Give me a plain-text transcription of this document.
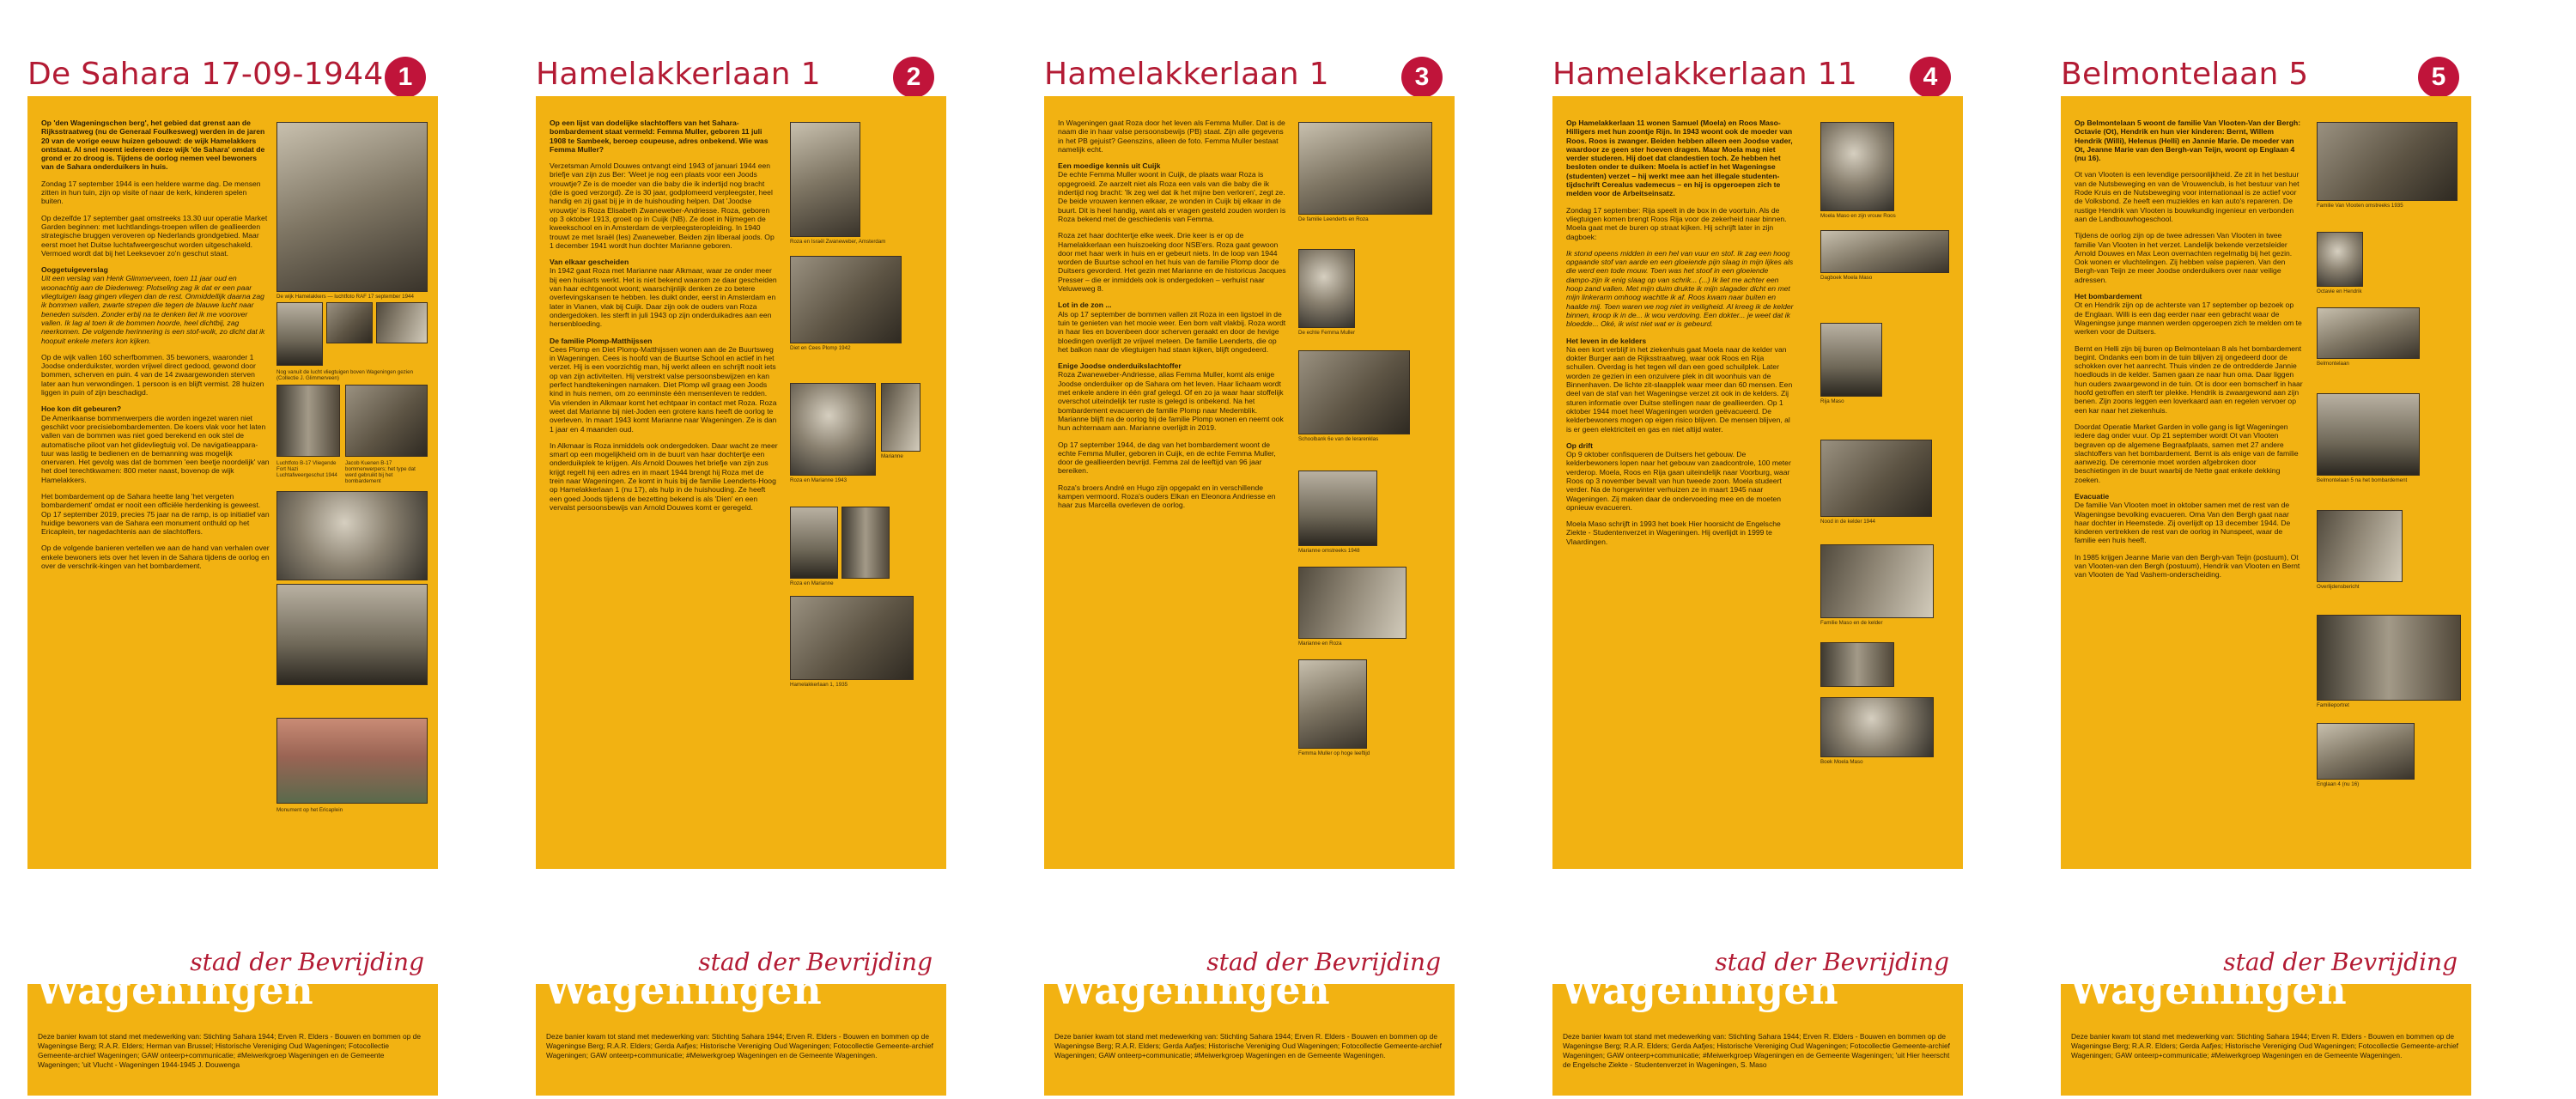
De Sahara 17-09-1944 1

Op 'den Wageningschen berg', het gebied dat grenst aan de Rijksstraatweg (nu de Generaal Foulkesweg) werden in de jaren 20 van de vorige eeuw huizen gebouwd: de wijk Hamelakkers ontstaat. Al snel noemt iedereen deze wijk 'de Sahara' omdat de grond er zo droog is. Tijdens de oorlog nemen veel bewoners van de Sahara onderduikers in huis.

Zondag 17 september 1944 is een heldere warme dag. De mensen zitten in hun tuin, zijn op visite of naar de kerk, kinderen spelen buiten.

Op dezelfde 17 september gaat omstreeks 13.30 uur operatie Market Garden beginnen: met luchtlandings-troepen willen de geallieerden strategische bruggen veroveren op Nederlands grondgebied. Maar eerst moet het Duitse luchtafweergeschut worden uitgeschakeld. Vermoed wordt dat bij het Leeksevoer zo'n geschut staat.

Ooggetuigeverslag

Uit een verslag van Henk Glimmerveen, toen 11 jaar oud en woonachtig aan de Diedenweg: Plotseling zag ik dat er een paar vliegtuigen laag gingen vliegen dan de rest. Onmiddellijk daarna zag ik bommen vallen, zwarte strepen die tegen de blauwe lucht naar beneden suisden. Zonder erbij na te denken liet ik me voorover vallen. Ik lag al toen ik de bommen hoorde, heel dichtbij, zag neerkomen. De volgende herinnering is een stof-wolk, zo dicht dat ik hoopuit enkele meters kon kijken.

Op de wijk vallen 160 scherfbommen. 35 bewoners, waaronder 1 Joodse onderduikster, worden vrijwel direct gedood, gewond door bommen, scherven en puin. 4 van de 14 zwaargewonden sterven later aan hun verwondingen. 1 persoon is en blijft vermist. 28 huizen liggen in puin of zijn beschadigd.

Hoe kon dit gebeuren?

De Amerikaanse bommenwerpers die worden ingezet waren niet geschikt voor precisiebombardementen. De koers vlak voor het laten vallen van de bommen was niet goed berekend en ook stel de automatische piloot van het glidevliegtuig vol. De navigatieappara-tuur was lastig te bedienen en de bemanning was mogelijk onervaren. Het gevolg was dat de bommen 'een beetje noordelijk' van het doel terechtkwamen: 800 meter naast, bovenop de wijk Hamelakkers.

Het bombardement op de Sahara heette lang 'het vergeten bombardement' omdat er nooit een officiële herdenking is geweest. Op 17 september 2019, precies 75 jaar na de ramp, is op initiatief van huidige bewoners van de Sahara een monument onthuld op het Ericaplein, ter nagedachtenis aan de slachtoffers.

Op de volgende banieren vertellen we aan de hand van verhalen over enkele bewoners iets over het leven in de Sahara tijdens de oorlog en over de verschrik-kingen van het bombardement.

De wijk Hamelakkers — luchtfoto RAF 17 september 1944
Nog vanuit de lucht vliegtuigen boven Wageningen gezien (Collectie J. Glimmerveen)
Luchtfoto B-17 Vliegende Fort Nazi Luchtafweergeschut 1944
Jacob Kuenen B-17 bommenwerpers; het type dat werd gebruikt bij het bombardement
Monument op het Ericaplein
stad der Bevrijding
Wageningen
Deze banier kwam tot stand met medewerking van: Stichting Sahara 1944; Erven R. Elders - Bouwen en bommen op de Wageningse Berg; R.A.R. Elders; Herman van Brussel; Historische Vereniging Oud Wageningen; Fotocollectie Gemeente-archief Wageningen; GAW onteerp+communicatie; #Meiwerkgroep Wageningen en de Gemeente Wageningen; 'uit Vlucht - Wageningen 1944-1945 J. Douwenga
Hamelakkerlaan 1	2

Op een lijst van dodelijke slachtoffers van het Sahara-bombardement staat vermeld: Femma Muller, geboren 11 juli 1908 te Sambeek, beroep coupeuse, adres onbekend. Wie was Femma Muller?

Verzetsman Arnold Douwes ontvangt eind 1943 of januari 1944 een briefje van zijn zus Ber: 'Weet je nog een plaats voor een Joods vrouwtje? Ze is de moeder van die baby die ik indertijd nog bracht (die is goed verzorgd). Ze is 30 jaar, godplomeerd verpleegster, heel handig en zij gaat bij je in de huishouding helpen. Dat 'Joodse vrouwtje' is Roza Elisabeth Zwaneweber-Andriesse. Roza, geboren op 3 oktober 1913, groeit op in Cuijk (NB). Ze doet in Nijmegen de kweekschool en in Amsterdam de verpleegsteropleiding. In 1940 trouwt ze met Israël (Ies) Zwaneweber. Beiden zijn liberaal joods. Op 1 december 1941 wordt hun dochter Marianne geboren.

Van elkaar gescheiden

In 1942 gaat Roza met Marianne naar Alkmaar, waar ze onder meer bij een huisarts werkt. Het is niet bekend waarom ze daar gescheiden van haar echtgenoot woont; waarschijnlijk denken ze zo betere overlevingskansen te hebben. Ies duikt onder, eerst in Amsterdam en later in Vianen, vlak bij Cuijk. Daar zijn ook de ouders van Roza ondergedoken. Ies sterft in juli 1943 op zijn onderduikadres aan een hersenbloeding.

De familie Plomp-Matthijssen

Cees Plomp en Diet Plomp-Matthijssen wonen aan de 2e Buurtsweg in Wageningen. Cees is hoofd van de Buurtse School en actief in het verzet. Hij is een voorzichtig man, hij werkt alleen en schrijft nooit iets op van zijn activiteiten. Hij verstrekt valse persoonsbewijzen en kan perfect handtekeningen namaken. Diet Plomp wil graag een Joods kind in huis nemen, om zo eenminste één mensenleven te redden. Via vrienden in Alkmaar komt het echtpaar in contact met Roza. Roza weet dat Marianne bij niet-Joden een grotere kans heeft de oorlog te overleven. In maart 1943 komt Marianne naar Wageningen. Ze is dan 1 jaar en 4 maanden oud.

In Alkmaar is Roza inmiddels ook ondergedoken. Daar wacht ze meer smart op een mogelijkheid om in de buurt van haar dochtertje een onderduikplek te krijgen. Als Arnold Douwes het briefje van zijn zus krijgt regelt hij een adres en in maart 1944 brengt hij Roza met de trein naar Wageningen. Ze komt in huis bij de familie Leenderts-Hoog op Hamelakkerlaan 1 (nu 17), als hulp in de huishouding. Ze heeft een goed Joods tijdens de bezetting bekend is als 'Dien' en een vervalst persoonsbewijs van Arnold Douwes komt er geregeld.

Roza en Israël Zwaneweber, Amsterdam
Diet en Cees Plomp 1942
Roza en Marianne 1943
Marianne
Roza en Marianne
Hamelakkerlaan 1, 1935
stad der Bevrijding
Wageningen
Deze banier kwam tot stand met medewerking van: Stichting Sahara 1944; Erven R. Elders - Bouwen en bommen op de Wageningse Berg; R.A.R. Elders; Gerda Aafjes; Historische Vereniging Oud Wageningen; Fotocollectie Gemeente-archief Wageningen; GAW onteerp+communicatie; #Meiwerkgroep Wageningen en de Gemeente Wageningen.
Hamelakkerlaan 1	3

In Wageningen gaat Roza door het leven als Femma Muller. Dat is de naam die in haar valse persoonsbewijs (PB) staat. Zijn alle gegevens in het PB gejuist? Geenszins, alleen de foto. Femma Muller bestaat namelijk echt.

Een moedige kennis uit Cuijk

De echte Femma Muller woont in Cuijk, de plaats waar Roza is opgegroeid. Ze aarzelt niet als Roza een vals van die baby die ik indertijd nog bracht: 'Ik zeg wel dat ik het mijne ben verloren', zegt ze. De beide vrouwen kennen elkaar, ze wonden in Cuijk bij elkaar in de buurt. Dit is heel handig, want als er vragen gesteld zouden worden is Roza bekend met de geschiedenis van Femma.

Roza zet haar dochtertje elke week. Drie keer is er op de Hamelakkerlaan een huiszoeking door NSB'ers. Roza gaat gewoon door met haar werk in huis en er gebeurt niets. In de loop van 1944 worden de Buurtse school en het huis van de familie Plomp door de Duitsers gevorderd. Het gezin met Marianne en de historicus Jacques Presser – die er inmiddels ook is ondergedoken – verhuist naar Veluweweg 8.

Lot in de zon ...

Als op 17 september de bommen vallen zit Roza in een ligstoel in de tuin te genieten van het mooie weer. Een bom valt vlakbij. Roza wordt in haar lies en bovenbeen door scherven geraakt en door de hevige bloedingen overlijdt ze vrijwel meteen. De familie Leenderts, die op het balkon naar de vliegtuigen had staan kijken, blijft ongedeerd.

Enige Joodse onderduikslachtoffer

Roza Zwaneweber-Andriesse, alias Femma Muller, komt als enige Joodse onderduiker op de Sahara om het leven. Haar lichaam wordt met enkele andere in één graf gelegd. Of en zo ja waar haar stoffelijk overschot uiteindelijk ter ruste is gelegd is onbekend. Na het bombardement evacueren de familie Plomp naar Medemblik. Marianne blijft na de oorlog bij de familie Plomp wonen en neemt ook hun achternaam aan. Marianne overlijdt in 2019.

Op 17 september 1944, de dag van het bombardement woont de echte Femma Muller, geboren in Cuijk, en de echte Femma Muller, door de geallieerden bevrijd. Femma zal de leeftijd van 96 jaar bereiken.

Roza's broers André en Hugo zijn opgepakt en in verschillende kampen vermoord. Roza's ouders Elkan en Eleonora Andriesse en haar zus Marcella overleven de oorlog.

De familie Leenderts en Roza
De echte Femma Muller
Schoolbank 6e van de lerarenklas
Marianne omstreeks 1948
Marianne en Roza
Femma Muller op hoge leeftijd
stad der Bevrijding
Wageningen
Deze banier kwam tot stand met medewerking van: Stichting Sahara 1944; Erven R. Elders - Bouwen en bommen op de Wageningse Berg; R.A.R. Elders; Gerda Aafjes; Historische Vereniging Oud Wageningen; Fotocollectie Gemeente-archief Wageningen; GAW onteerp+communicatie; #Meiwerkgroep Wageningen en de Gemeente Wageningen.
Hamelakkerlaan 11	4

Op Hamelakkerlaan 11 wonen Samuel (Moela) en Roos Maso-Hilligers met hun zoontje Rijn. In 1943 woont ook de moeder van Roos. Roos is zwanger. Beiden hebben alleen een Joodse vader, waardoor ze geen ster hoeven dragen. Maar Moela mag niet verder studeren. Hij doet dat clandestien toch. Ze hebben het besloten onder te duiken: Moela is actief in het Wageningse (studenten) verzet – hij werkt mee aan het illegale studenten-tijdschrift Cerealus vademecus – en hij is opgeroepen zich te melden voor de Arbeitseinsatz.

Zondag 17 september: Rija speelt in de box in de voortuin. Als de vliegtuigen komen brengt Roos Rija voor de zekerheid naar binnen. Moela gaat met de buren op straat kijken. Hij schrijft later in zijn dagboek:

Ik stond opeens midden in een hel van vuur en stof. Ik zag een hoog opgaande stof van aarde en een gloeiende pijn slaag in mijn lijkes als die werd een tode mouw. Toen was het stoof in een gloeiende dampo-zijn ik enig slaag op van schrik... (...) Ik liet me achter een hoop zand vallen. Met mijn duim drukte ik mijn slagader dicht en met mijn linkerarm omhoog wachtte ik af. Roos kwam naar buiten en haalde mij. Toen waren we nog niet in veiligheid. Al kreeg ik de kelder binnen, kroop ik in de... ik wou verdoving. Een dokter... je weet dat ik bloedde... Oké, ik wist niet wat er is gebeurd.

Het leven in de kelders

Na een kort verblijf in het ziekenhuis gaat Moela naar de kelder van dokter Burger aan de Rijksstraatweg, waar ook Roos en Rija schuilen. Overdag is het tegen wil dan een goed schuilplek. Later worden ze gezien in een onzuivere plek in dit woonhuis van de Binnenhaven. De lichte zit-slaapplek waar meer dan 60 mensen. Een deel van de staf van het Wageningse verzet zit ook in de kelders. Zij sturen informatie over Duitse stellingen naar de geallieerden. Op 1 oktober 1944 moet heel Wageningen worden geëvacueerd. De kelderbewoners mogen op eigen risico blijven. De mensen blijven, al is er geen elektriciteit en gas en niet altijd water.

Op drift

Op 9 oktober confisqueren de Duitsers het gebouw. De kelderbewoners lopen naar het gebouw van zaadcontrole, 100 meter verderop. Moela, Roos en Rija gaan uiteindelijk naar Voorburg, waar Roos op 3 november bevalt van hun tweede zoon. Moela studeert verder. Na de hongerwinter verhuizen ze in maart 1945 naar Wageningen. Zij maken daar de ondervoeding mee en de moeten opnieuw evacueren.

Moela Maso schrijft in 1993 het boek Hier hoorsicht de Engelsche Ziekte - Studentenverzet in Wageningen. Hij overlijdt in 1999 te Vlaardingen.

Moela Maso en zijn vrouw Roos
Dagboek Moela Maso
Rija Maso
Nood in de kelder 1944
Familie Maso en de kelder
Boek Moela Maso
stad der Bevrijding
Wageningen
Deze banier kwam tot stand met medewerking van: Stichting Sahara 1944; Erven R. Elders - Bouwen en bommen op de Wageningse Berg; R.A.R. Elders; Gerda Aafjes; Historische Vereniging Oud Wageningen; Fotocollectie Gemeente-archief Wageningen; GAW onteerp+communicatie; #Meiwerkgroep Wageningen en de Gemeente Wageningen; 'uit Hier heerscht de Engelsche Ziekte - Studentenverzet in Wageningen, S. Maso
Belmontelaan 5	5

Op Belmontelaan 5 woont de familie Van Vlooten-Van der Bergh: Octavie (Ot), Hendrik en hun vier kinderen: Bernt, Willem Hendrik (Willi), Helenus (Helli) en Jannie Marie. De moeder van Ot, Jeanne Marie van den Bergh-van Teijn, woont op Englaan 4 (nu 16).

Ot van Vlooten is een levendige persoonlijkheid. Ze zit in het bestuur van de Nutsbeweging en van de Vrouwenclub, is het bestuur van het Rode Kruis en de Nutsbeweging voor internationaal is ze actief voor de Volksbond. Ze heeft een muziekles en kan auto's repareren. De rustige Hendrik van Vlooten is bouwkundig ingenieur en verbonden aan de Landbouwhogeschool.

Tijdens de oorlog zijn op de twee adressen Van Vlooten in twee familie Van Vlooten in het verzet. Landelijk bekende verzetsleider Arnold Douwes en Max Leon overnachten regelmatig bij het gezin. Ook wonen er vluchtelingen. Zij hebben valse papieren. Van den Bergh-van Teijn ze meer Joodse onderduikers over naar veilige adressen.

Het bombardement

Ot en Hendrik zijn op de achterste van 17 september op bezoek op de Englaan. Willi is een dag eerder naar een gebracht waar de Wageningse junge mannen werden opgeroepen zich te melden om te werken voor de Duitsers.

Bernt en Helli zijn bij buren op Belmontelaan 8 als het bombardement begint. Ondanks een bom in de tuin blijven zij ongedeerd door de schokken over het aanrecht. Thuis vinden ze de ontredderde Jannie hoedlouds in de kelder. Samen gaan ze naar hun oma. Daar liggen hun ouders zwaargewond in de tuin. Ot is door een bomscherf in haar hoofd getroffen en sterft ter plekke. Hendrik is zwaargewond aan zijn benen. Zijn zoons leggen een loverkaard aan en regelen vervoer op een kar naar het ziekenhuis.

Doordat Operatie Market Garden in volle gang is ligt Wageningen iedere dag onder vuur. Op 21 september wordt Ot van Vlooten begraven op de algemene Begraafplaats, samen met 27 andere slachtoffers van het bombardement. Bernt is als enige van de familie aanwezig. De ceremonie moet worden afgebroken door beschietingen in de buurt waarbij de Nette gaat enkele dekking zoeken.

Evacuatie

De familie Van Vlooten moet in oktober samen met de rest van de Wageningse bevolking evacueren. Oma Van den Bergh gaat naar haar dochter in Heemstede. Zij overlijdt op 13 december 1944. De kinderen vertrekken de rest van de oorlog in Nunspeet, waar de familie een huis heeft.

In 1985 krijgen Jeanne Marie van den Bergh-van Teijn (postuum), Ot van Vlooten-van den Bergh (postuum), Hendrik van Vlooten en Bernt van Vlooten de Yad Vashem-onderscheiding.

Familie Van Vlooten omstreeks 1935
Octavie en Hendrik
Belmontelaan
Belmontelaan 5 na het bombardement
Overlijdensbericht
Familieportret
Englaan 4 (nu 16)
stad der Bevrijding
Wageningen
Deze banier kwam tot stand met medewerking van: Stichting Sahara 1944; Erven R. Elders - Bouwen en bommen op de Wageningse Berg; R.A.R. Elders; Gerda Aafjes; Historische Vereniging Oud Wageningen; Fotocollectie Gemeente-archief Wageningen; GAW onteerp+communicatie; #Meiwerkgroep Wageningen en de Gemeente Wageningen.
